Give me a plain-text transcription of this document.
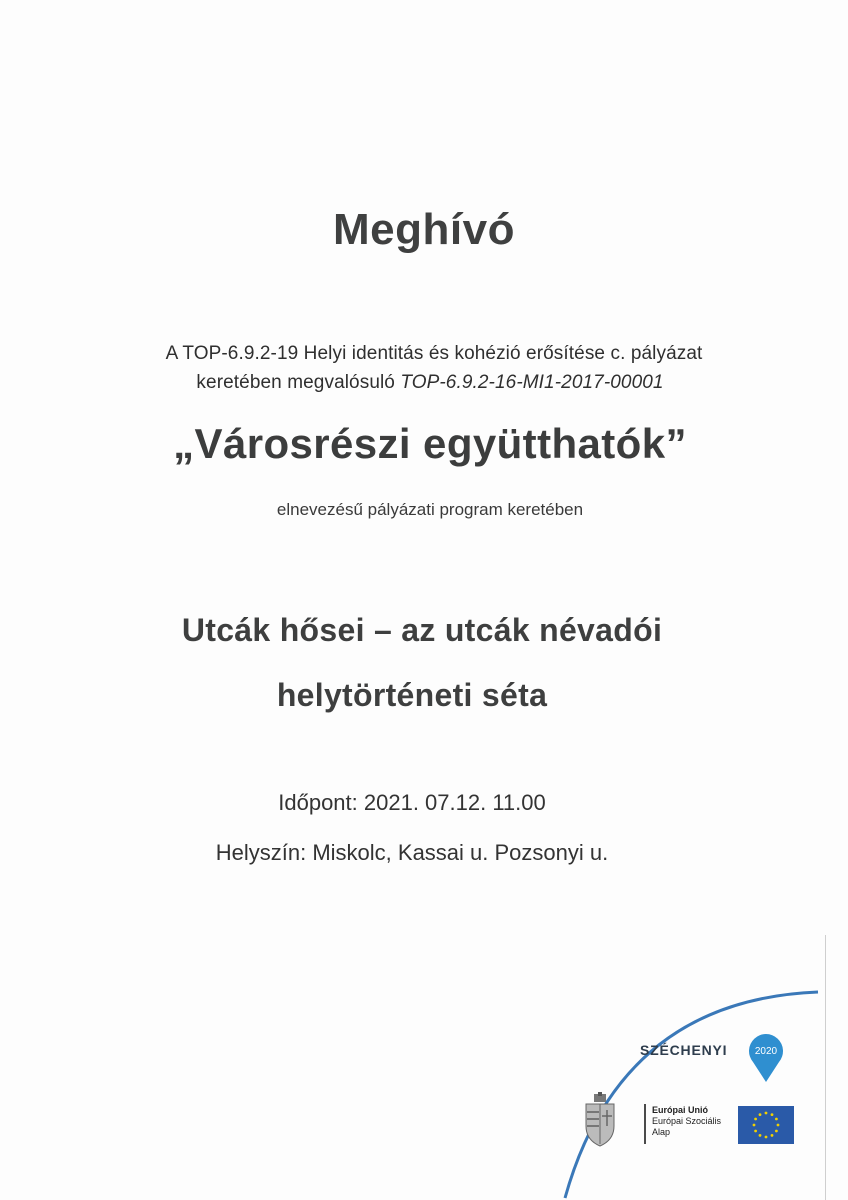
Meghívó
A TOP-6.9.2-19 Helyi identitás és kohézió erősítése c. pályázat
keretében megvalósuló TOP-6.9.2-16-MI1-2017-00001
„Városrészi együtthatók”
elnevezésű pályázati program keretében
Utcák hősei – az utcák névadói
helytörténeti séta
Időpont: 2021. 07.12. 11.00
Helyszín: Miskolc, Kassai u. Pozsonyi u.
SZÉCHENYI	2020
Európai Unió
Európai Szociális
Alap
